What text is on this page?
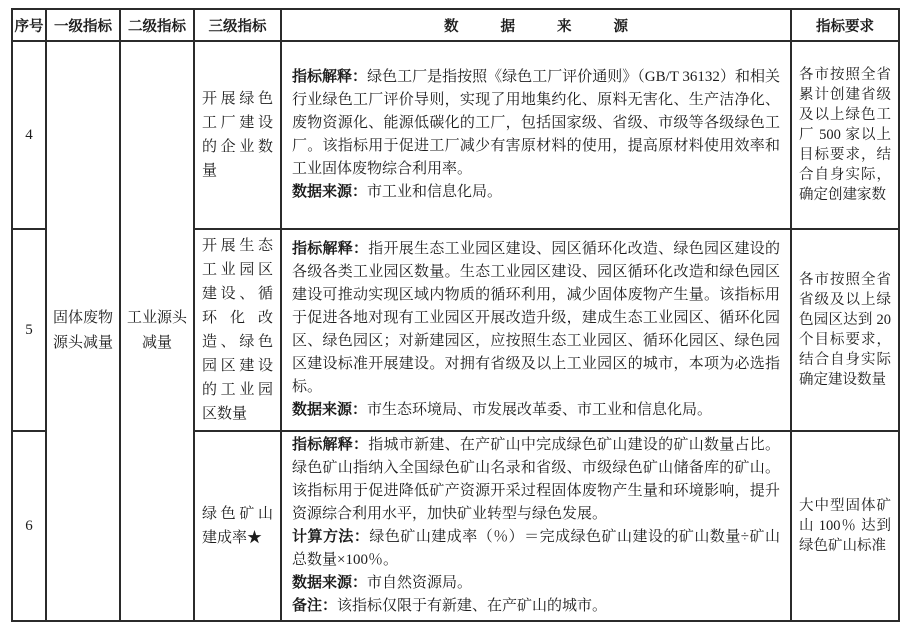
序号	一级指标	二级指标	三级指标	数据来源	指标要求
4	固体废物源头减量	工业源头减量	开展绿色工厂建设的企业数量	指标解释：绿色工厂是指按照《绿色工厂评价通则》（GB/T 36132）和相关行业绿色工厂评价导则，实现了用地集约化、原料无害化、生产洁净化、废物资源化、能源低碳化的工厂，包括国家级、省级、市级等各级绿色工厂。该指标用于促进工厂减少有害原材料的使用，提高原材料使用效率和工业固体废物综合利用率。

数据来源：市工业和信息化局。	各市按照全省累计创建省级及以上绿色工厂 500 家以上目标要求，结合自身实际，确定创建家数
5			开展生态工业园区建设、循环化改造、绿色园区建设的工业园区数量	指标解释：指开展生态工业园区建设、园区循环化改造、绿色园区建设的各级各类工业园区数量。生态工业园区建设、园区循环化改造和绿色园区建设可推动实现区域内物质的循环利用，减少固体废物产生量。该指标用于促进各地对现有工业园区开展改造升级，建成生态工业园区、循环化园区、绿色园区；对新建园区，应按照生态工业园区、循环化园区、绿色园区建设标准开展建设。对拥有省级及以上工业园区的城市，本项为必选指标。

数据来源：市生态环境局、市发展改革委、市工业和信息化局。	各市按照全省省级及以上绿色园区达到 20 个目标要求，结合自身实际确定建设数量
6			绿色矿山建成率★	指标解释：指城市新建、在产矿山中完成绿色矿山建设的矿山数量占比。绿色矿山指纳入全国绿色矿山名录和省级、市级绿色矿山储备库的矿山。该指标用于促进降低矿产资源开采过程固体废物产生量和环境影响，提升资源综合利用水平，加快矿业转型与绿色发展。

计算方法：绿色矿山建成率（％）＝完成绿色矿山建设的矿山数量÷矿山总数量×100％。

数据来源：市自然资源局。

备注：该指标仅限于有新建、在产矿山的城市。	大中型固体矿山 100％ 达到绿色矿山标准
